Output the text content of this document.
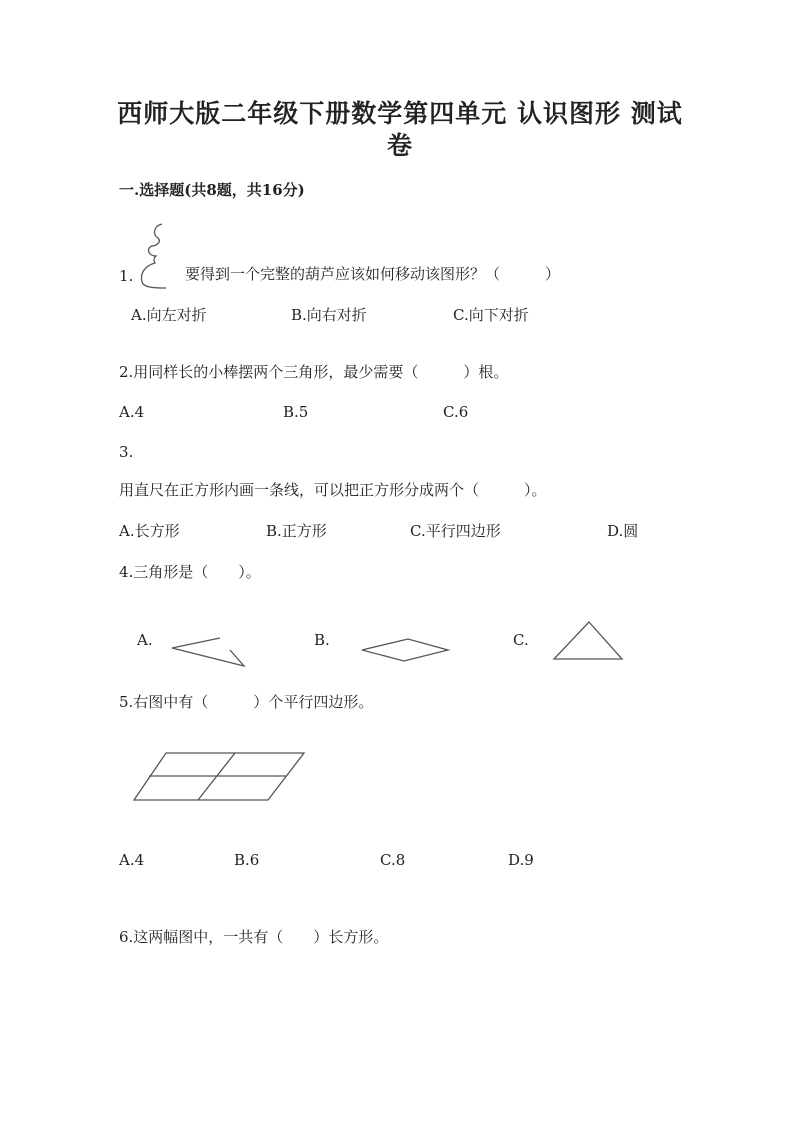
西师大版二年级下册数学第四单元 认识图形 测试
卷
一.选择题(共8题，共16分)
1.	要得到一个完整的葫芦应该如何移动该图形？（　　　）
A.向左对折	B.向右对折	C.向下对折
2.用同样长的小棒摆两个三角形，最少需要（　　　）根。
A.4	B.5	C.6
3.
用直尺在正方形内画一条线，可以把正方形分成两个（　　　）。
A.长方形	B.正方形	C.平行四边形	D.圆
4.三角形是（　　）。
A.	B.	C.
5.右图中有（　　　）个平行四边形。
A.4	B.6	C.8	D.9
6.这两幅图中，一共有（　　）长方形。
